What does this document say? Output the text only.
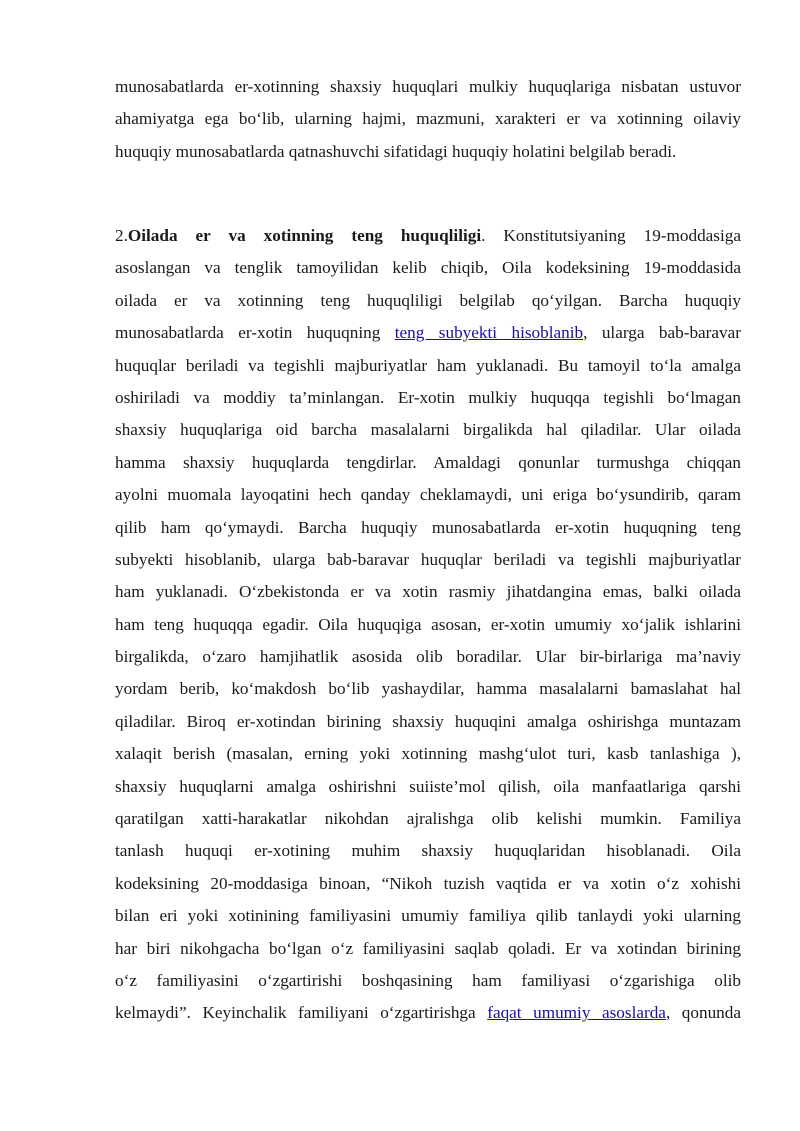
munosabatlarda er-xotinning shaxsiy huquqlari mulkiy huquqlariga nisbatan ustuvor
ahamiyatga ega bo‘lib, ularning hajmi, mazmuni, xarakteri er va xotinning oilaviy
huquqiy munosabatlarda qatnashuvchi sifatidagi huquqiy holatini belgilab beradi.
2.Oilada er va xotinning teng huquqliligi. Konstitutsiyaning 19-moddasiga
asoslangan va tenglik tamoyilidan kelib chiqib, Oila kodeksining 19-moddasida
oilada er va xotinning teng huquqliligi belgilab qo‘yilgan. Barcha huquqiy
munosabatlarda er-xotin huquqning teng subyekti hisoblanib, ularga bab-baravar
huquqlar beriladi va tegishli majburiyatlar ham yuklanadi. Bu tamoyil to‘la amalga
oshiriladi va moddiy ta’minlangan. Er-xotin mulkiy huquqqa tegishli bo‘lmagan
shaxsiy huquqlariga oid barcha masalalarni birgalikda hal qiladilar. Ular oilada
hamma shaxsiy huquqlarda tengdirlar. Amaldagi qonunlar turmushga chiqqan
ayolni muomala layoqatini hech qanday cheklamaydi, uni eriga bo‘ysundirib, qaram
qilib ham qo‘ymaydi. Barcha huquqiy munosabatlarda er-xotin huquqning teng
subyekti hisoblanib, ularga bab-baravar huquqlar beriladi va tegishli majburiyatlar
ham yuklanadi. O‘zbekistonda er va xotin rasmiy jihatdangina emas, balki oilada
ham teng huquqqa egadir. Oila huquqiga asosan, er-xotin umumiy xo‘jalik ishlarini
birgalikda, o‘zaro hamjihatlik asosida olib boradilar. Ular bir-birlariga ma’naviy
yordam berib, ko‘makdosh bo‘lib yashaydilar, hamma masalalarni bamaslahat hal
qiladilar. Biroq er-xotindan birining shaxsiy huquqini amalga oshirishga muntazam
xalaqit berish (masalan, erning yoki xotinning mashg‘ulot turi, kasb tanlashiga ),
shaxsiy huquqlarni amalga oshirishni suiiste’mol qilish, oila manfaatlariga qarshi
qaratilgan xatti-harakatlar nikohdan ajralishga olib kelishi mumkin. Familiya
tanlash huquqi er-xotining muhim shaxsiy huquqlaridan hisoblanadi. Oila
kodeksining 20-moddasiga binoan, “Nikoh tuzish vaqtida er va xotin o‘z xohishi
bilan eri yoki xotinining familiyasini umumiy familiya qilib tanlaydi yoki ularning
har biri nikohgacha bo‘lgan o‘z familiyasini saqlab qoladi. Er va xotindan birining
o‘z familiyasini o‘zgartirishi boshqasining ham familiyasi o‘zgarishiga olib
kelmaydi”. Keyinchalik familiyani o‘zgartirishga faqat umumiy asoslarda, qonunda
